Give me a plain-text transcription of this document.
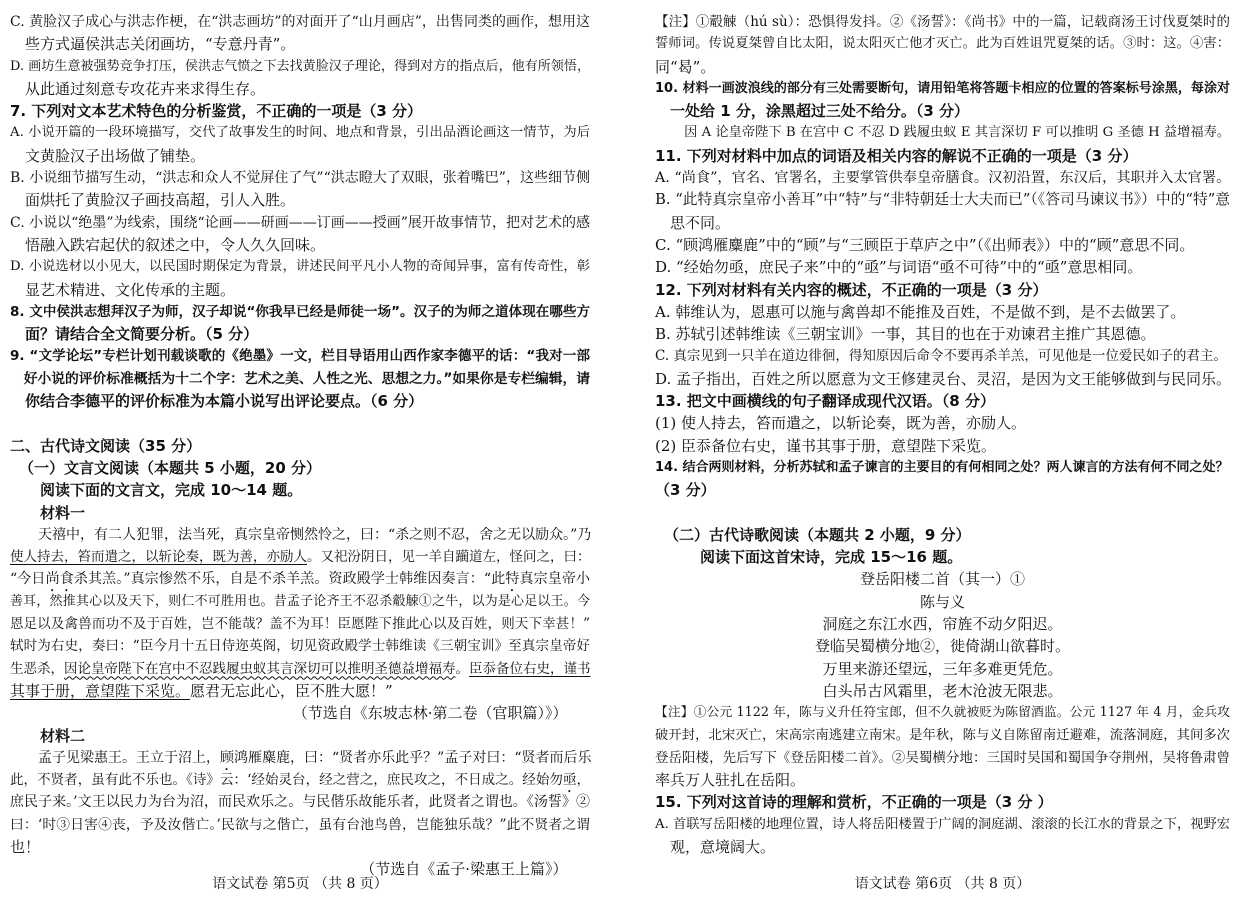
C. 黄脸汉子成心与洪志作梗，在“洪志画坊”的对面开了“山月画店”，出售同类的画作，想用这
些方式逼侯洪志关闭画坊，“专意丹青”。
D. 画坊生意被强势竞争打压，侯洪志气愤之下去找黄脸汉子理论，得到对方的指点后，他有所领悟，
从此通过刻意专攻花卉来求得生存。
7. 下列对文本艺术特色的分析鉴赏，不正确的一项是（3 分）
A. 小说开篇的一段环境描写，交代了故事发生的时间、地点和背景，引出品酒论画这一情节，为后
文黄脸汉子出场做了铺垫。
B. 小说细节描写生动，“洪志和众人不觉屏住了气”“洪志瞪大了双眼，张着嘴巴”，这些细节侧
面烘托了黄脸汉子画技高超，引人入胜。
C. 小说以“绝墨”为线索，围绕“论画——研画——订画——授画”展开故事情节，把对艺术的感
悟融入跌宕起伏的叙述之中，令人久久回味。
D. 小说选材以小见大，以民国时期保定为背景，讲述民间平凡小人物的奇闻异事，富有传奇性，彰
显艺术精进、文化传承的主题。
8. 文中侯洪志想拜汉子为师，汉子却说“你我早已经是师徒一场”。汉子的为师之道体现在哪些方
面？请结合全文简要分析。（5 分）
9. “文学论坛”专栏计划刊载谈歌的《绝墨》一文，栏目导语用山西作家李德平的话：“我对一部
好小说的评价标准概括为十二个字：艺术之美、人性之光、思想之力。”如果你是专栏编辑，请
你结合李德平的评价标准为本篇小说写出评论要点。（6 分）
二、古代诗文阅读（35 分）
（一）文言文阅读（本题共 5 小题，20 分）
阅读下面的文言文，完成 10～14 题。
材料一
天禧中，有二人犯罪，法当死，真宗皇帝恻然怜之，曰：“杀之则不忍，舍之无以励众。”乃
使人持去，笞而遣之，以斩论奏，既为善，亦励人。又祀汾阴日，见一羊自躏道左，怪问之，曰：
“今日尚食杀其羔。”真宗惨然不乐，自是不杀羊羔。资政殿学士韩维因奏言：“此特真宗皇帝小
善耳，然推其心以及天下，则仁不可胜用也。昔孟子论齐王不忍杀觳觫①之牛，以为是心足以王。今
恩足以及禽兽而功不及于百姓，岂不能哉？盖不为耳！臣愿陛下推此心以及百姓，则天下幸甚！”
轼时为右史，奏曰：“臣今月十五日侍迩英阁，切见资政殿学士韩维读《三朝宝训》至真宗皇帝好
生恶杀，因论皇帝陛下在宫中不忍践履虫蚁其言深切可以推明圣德益增福寿。臣忝备位右史，谨书
其事于册，意望陛下采览。愿君无忘此心，臣不胜大愿！”
（节选自《东坡志林·第二卷（官职篇）》）
材料二
孟子见梁惠王。王立于沼上，顾鸿雁麋鹿，曰：“贤者亦乐此乎？”孟子对曰：“贤者而后乐
此，不贤者，虽有此不乐也。《诗》云：‘经始灵台，经之营之，庶民攻之，不日成之。经始勿亟，
庶民子来。’文王以民力为台为沼，而民欢乐之。与民偕乐故能乐者，此贤者之谓也。《汤誓》②
曰：‘时③日害④丧，予及汝偕亡。’民欲与之偕亡，虽有台池鸟兽，岂能独乐哉？”此不贤者之谓
也！
（节选自《孟子·梁惠王上篇》）
【注】①觳觫（hú sù）：恐惧得发抖。②《汤誓》：《尚书》中的一篇，记载商汤王讨伐夏桀时的
誓师词。传说夏桀曾自比太阳，说太阳灭亡他才灭亡。此为百姓诅咒夏桀的话。③时：这。④害：
同“曷”。
10. 材料一画波浪线的部分有三处需要断句，请用铅笔将答题卡相应的位置的答案标号涂黑，每涂对
一处给 1 分，涂黑超过三处不给分。（3 分）
因 A 论皇帝陛下 B 在宫中 C 不忍 D 践履虫蚁 E 其言深切 F 可以推明 G 圣德 H 益增福寿。
11. 下列对材料中加点的词语及相关内容的解说不正确的一项是（3 分）
A. “尚食”，官名、官署名，主要掌管供奉皇帝膳食。汉初沿置，东汉后，其职并入太官署。
B. “此特真宗皇帝小善耳”中“特”与“非特朝廷士大夫而已”（《答司马谏议书》）中的“特”意
思不同。
C. “顾鸿雁麋鹿”中的“顾”与“三顾臣于草庐之中”（《出师表》）中的“顾”意思不同。
D. “经始勿亟，庶民子来”中的“亟”与词语“亟不可待”中的“亟”意思相同。
12. 下列对材料有关内容的概述，不正确的一项是（3 分）
A. 韩维认为，恩惠可以施与禽兽却不能推及百姓，不是做不到，是不去做罢了。
B. 苏轼引述韩维读《三朝宝训》一事，其目的也在于劝谏君主推广其恩德。
C. 真宗见到一只羊在道边徘徊，得知原因后命令不要再杀羊羔，可见他是一位爱民如子的君主。
D. 孟子指出，百姓之所以愿意为文王修建灵台、灵沼，是因为文王能够做到与民同乐。
13. 把文中画横线的句子翻译成现代汉语。（8 分）
(1) 使人持去，笞而遣之，以斩论奏，既为善，亦励人。
(2) 臣忝备位右史，谨书其事于册，意望陛下采览。
14. 结合两则材料，分析苏轼和孟子谏言的主要目的有何相同之处？两人谏言的方法有何不同之处？
（3 分）
（二）古代诗歌阅读（本题共 2 小题，9 分）
阅读下面这首宋诗，完成 15～16 题。
登岳阳楼二首（其一）①
陈与义
洞庭之东江水西，帘旌不动夕阳迟。
登临吴蜀横分地②，徙倚湖山欲暮时。
万里来游还望远，三年多难更凭危。
白头吊古风霜里，老木沧波无限悲。
【注】①公元 1122 年，陈与义升任符宝郎，但不久就被贬为陈留酒监。公元 1127 年 4 月，金兵攻
破开封，北宋灭亡，宋高宗南逃建立南宋。是年秋，陈与义自陈留南迁避难，流落洞庭，其间多次
登岳阳楼，先后写下《登岳阳楼二首》。②吴蜀横分地：三国时吴国和蜀国争夺荆州，吴将鲁肃曾
率兵万人驻扎在岳阳。
15. 下列对这首诗的理解和赏析，不正确的一项是（3 分 ）
A. 首联写岳阳楼的地理位置，诗人将岳阳楼置于广阔的洞庭湖、滚滚的长江水的背景之下，视野宏
观，意境阔大。
语文试卷 第5页 （共 8 页）	语文试卷 第6页 （共 8 页）
